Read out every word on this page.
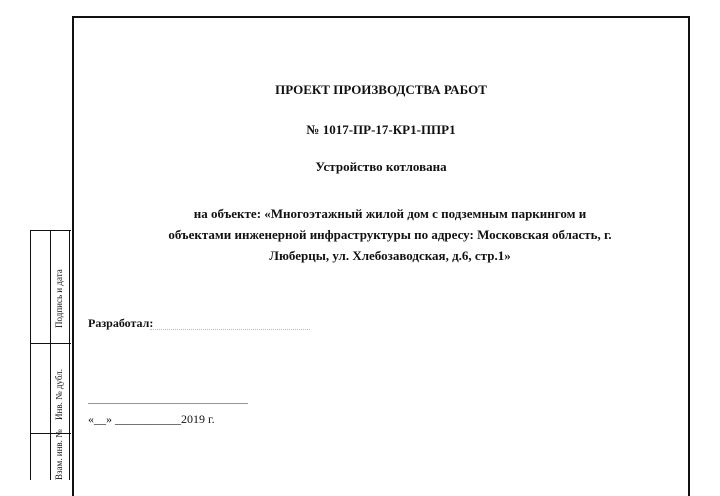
Подпись и дата
Инв. № дубл.
Взам. инв. №
ПРОЕКТ ПРОИЗВОДСТВА РАБОТ
№ 1017-ПР-17-КР1-ППР1
Устройство котлована
на объекте: «Многоэтажный жилой дом с подземным паркингом и
объектами инженерной инфраструктуры по адресу: Московская область, г.
Люберцы, ул. Хлебозаводская, д.6, стр.1»
Разработал:
«__» ___________2019 г.
